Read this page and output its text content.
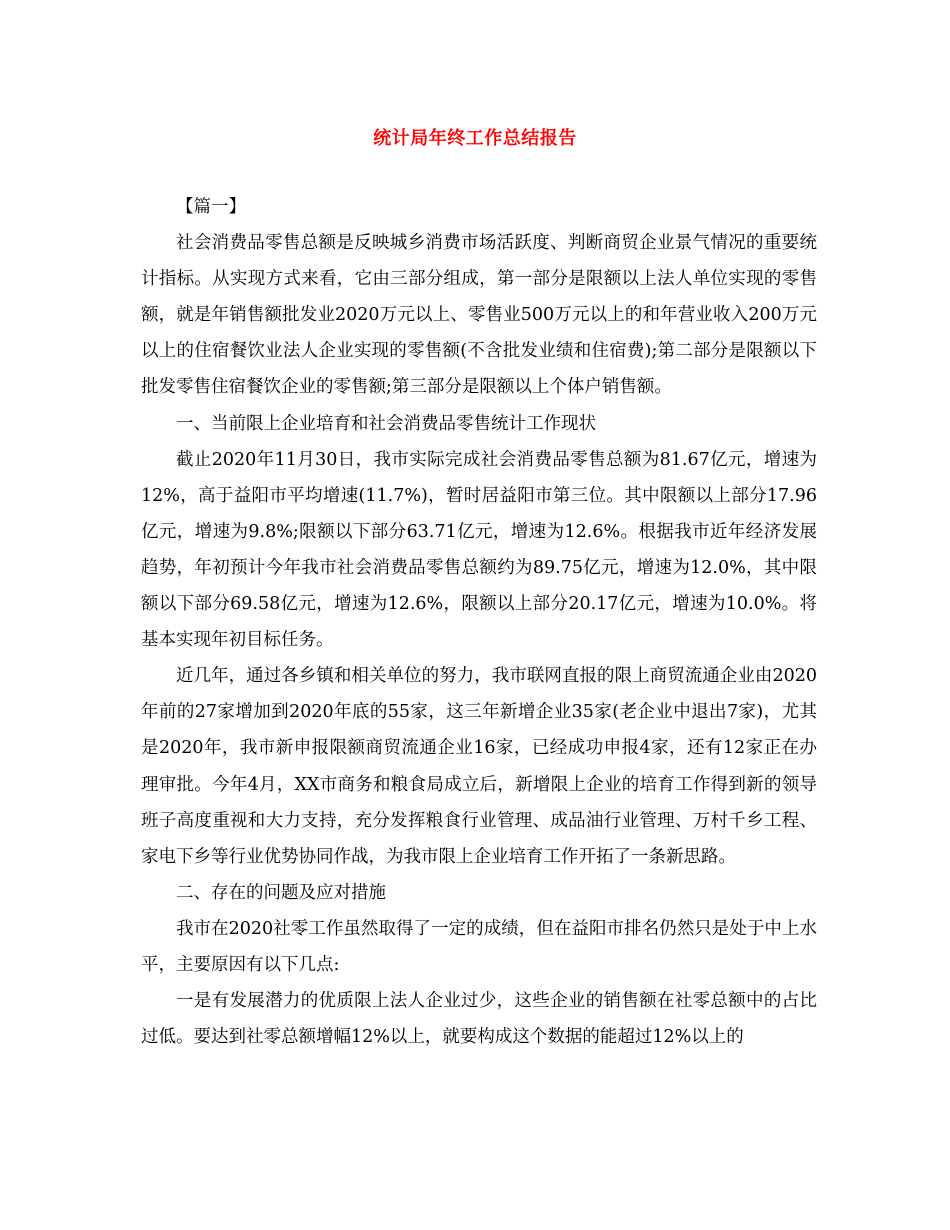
统计局年终工作总结报告

【篇一】

社会消费品零售总额是反映城乡消费市场活跃度、判断商贸企业景气情况的重要统计指标。从实现方式来看，它由三部分组成，第一部分是限额以上法人单位实现的零售额，就是年销售额批发业2020万元以上、零售业500万元以上的和年营业收入200万元以上的住宿餐饮业法人企业实现的零售额(不含批发业绩和住宿费);第二部分是限额以下批发零售住宿餐饮企业的零售额;第三部分是限额以上个体户销售额。

一、当前限上企业培育和社会消费品零售统计工作现状

截止2020年11月30日，我市实际完成社会消费品零售总额为81.67亿元，增速为12%，高于益阳市平均增速(11.7%)，暂时居益阳市第三位。其中限额以上部分17.96亿元，增速为9.8%;限额以下部分63.71亿元，增速为12.6%。根据我市近年经济发展趋势，年初预计今年我市社会消费品零售总额约为89.75亿元，增速为12.0%，其中限额以下部分69.58亿元，增速为12.6%，限额以上部分20.17亿元，增速为10.0%。将基本实现年初目标任务。

近几年，通过各乡镇和相关单位的努力，我市联网直报的限上商贸流通企业由2020年前的27家增加到2020年底的55家，这三年新增企业35家(老企业中退出7家)，尤其是2020年，我市新申报限额商贸流通企业16家，已经成功申报4家，还有12家正在办理审批。今年4月，XX市商务和粮食局成立后，新增限上企业的培育工作得到新的领导班子高度重视和大力支持，充分发挥粮食行业管理、成品油行业管理、万村千乡工程、家电下乡等行业优势协同作战，为我市限上企业培育工作开拓了一条新思路。

二、存在的问题及应对措施

我市在2020社零工作虽然取得了一定的成绩，但在益阳市排名仍然只是处于中上水平，主要原因有以下几点:

一是有发展潜力的优质限上法人企业过少，这些企业的销售额在社零总额中的占比过低。要达到社零总额增幅12%以上，就要构成这个数据的能超过12%以上的
